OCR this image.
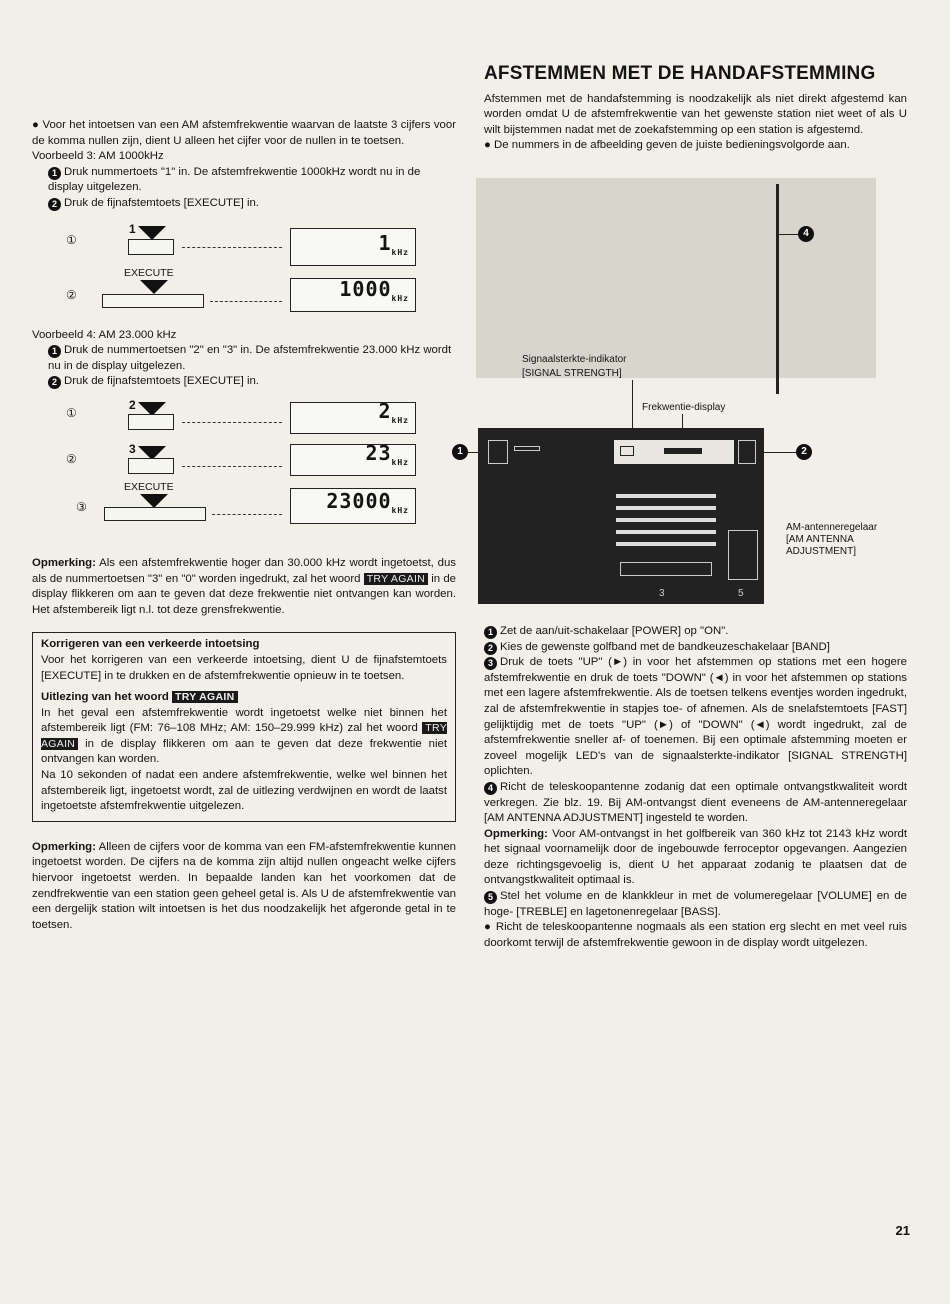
● Voor het intoetsen van een AM afstemfrekwentie waarvan de laatste 3 cijfers voor de komma nullen zijn, dient U alleen het cijfer voor de nullen in te toetsen.

Voorbeeld 3: AM 1000kHz

1 Druk nummertoets "1" in. De afstemfrekwentie 1000kHz wordt nu in de display uitgelezen.

2 Druk de fijnafstemtoets [EXECUTE] in.

①
1
$1_{kHz}$
EXECUTE
②	$1000_{kHz}$

Voorbeeld 4: AM 23.000 kHz

1 Druk de nummertoetsen "2" en "3" in. De afstemfrekwentie 23.000 kHz wordt nu in de display uitgelezen.

2 Druk de fijnafstemtoets [EXECUTE] in.

①
2	$2_{kHz}$
②
3	$23_{kHz}$
EXECUTE
③	$23000_{kHz}$

Opmerking: Als een afstemfrekwentie hoger dan 30.000 kHz wordt ingetoetst, dus als de nummertoetsen "3" en "0" worden ingedrukt, zal het woord TRY AGAIN in de display flikkeren om aan te geven dat deze frekwentie niet ontvangen kan worden. Het afstembereik ligt n.l. tot deze grensfrekwentie.

Korrigeren van een verkeerde intoetsing

Voor het korrigeren van een verkeerde intoetsing, dient U de fijnafstemtoets [EXECUTE] in te drukken en de afstemfrekwentie opnieuw in te toetsen.

Uitlezing van het woord TRY AGAIN

In het geval een afstemfrekwentie wordt ingetoetst welke niet binnen het afstembereik ligt (FM: 76–108 MHz; AM: 150–29.999 kHz) zal het woord TRY AGAIN in de display flikkeren om aan te geven dat deze frekwentie niet ontvangen kan worden.

Na 10 sekonden of nadat een andere afstemfrekwentie, welke wel binnen het afstembereik ligt, ingetoetst wordt, zal de uitlezing verdwijnen en wordt de laatst ingetoetste afstemfrekwentie uitgelezen.

Opmerking: Alleen de cijfers voor de komma van een FM-afstemfrekwentie kunnen ingetoetst worden. De cijfers na de komma zijn altijd nullen ongeacht welke cijfers hiervoor ingetoetst werden. In bepaalde landen kan het voorkomen dat de zendfrekwentie van een station geen geheel getal is. Als U de afstemfrekwentie van een dergelijk station wilt intoetsen is het dus noodzakelijk het afgeronde getal in te toetsen.

AFSTEMMEN MET DE HANDAFSTEMMING

Afstemmen met de handafstemming is noodzakelijk als niet direkt afgestemd kan worden omdat U de afstemfrekwentie van het gewenste station niet weet of als U wilt bijstemmen nadat met de zoekafstemming op een station is afgestemd.

● De nummers in de afbeelding geven de juiste bedieningsvolgorde aan.

4
Signaalsterkte-indikator
[SIGNAL STRENGTH]
Frekwentie-display
1	2
3	5
AM-antenneregelaar
[AM ANTENNA
ADJUSTMENT]

1 Zet de aan/uit-schakelaar [POWER] op "ON".

2 Kies de gewenste golfband met de bandkeuzeschakelaar [BAND]

3 Druk de toets "UP" (►) in voor het afstemmen op stations met een hogere afstemfrekwentie en druk de toets "DOWN" (◄) in voor het afstemmen op stations met een lagere afstemfrekwentie. Als de toetsen telkens eventjes worden ingedrukt, zal de afstemfrekwentie in stapjes toe- of afnemen. Als de snelafstemtoets [FAST] gelijktijdig met de toets "UP" (►) of "DOWN" (◄) wordt ingedrukt, zal de afstemfrekwentie sneller af- of toenemen. Bij een optimale afstemming moeten er zoveel mogelijk LED's van de signaalsterkte-indikator [SIGNAL STRENGTH] oplichten.

4 Richt de teleskoopantenne zodanig dat een optimale ontvangstkwaliteit wordt verkregen. Zie blz. 19. Bij AM-ontvangst dient eveneens de AM-antenneregelaar [AM ANTENNA ADJUSTMENT] ingesteld te worden.

Opmerking: Voor AM-ontvangst in het golfbereik van 360 kHz tot 2143 kHz wordt het signaal voornamelijk door de ingebouwde ferroceptor opgevangen. Aangezien deze richtingsgevoelig is, dient U het apparaat zodanig te plaatsen dat de ontvangstkwaliteit optimaal is.

5 Stel het volume en de klankkleur in met de volumeregelaar [VOLUME] en de hoge- [TREBLE] en lagetonenregelaar [BASS].

● Richt de teleskoopantenne nogmaals als een station erg slecht en met veel ruis doorkomt terwijl de afstemfrekwentie gewoon in de display wordt uitgelezen.

21
